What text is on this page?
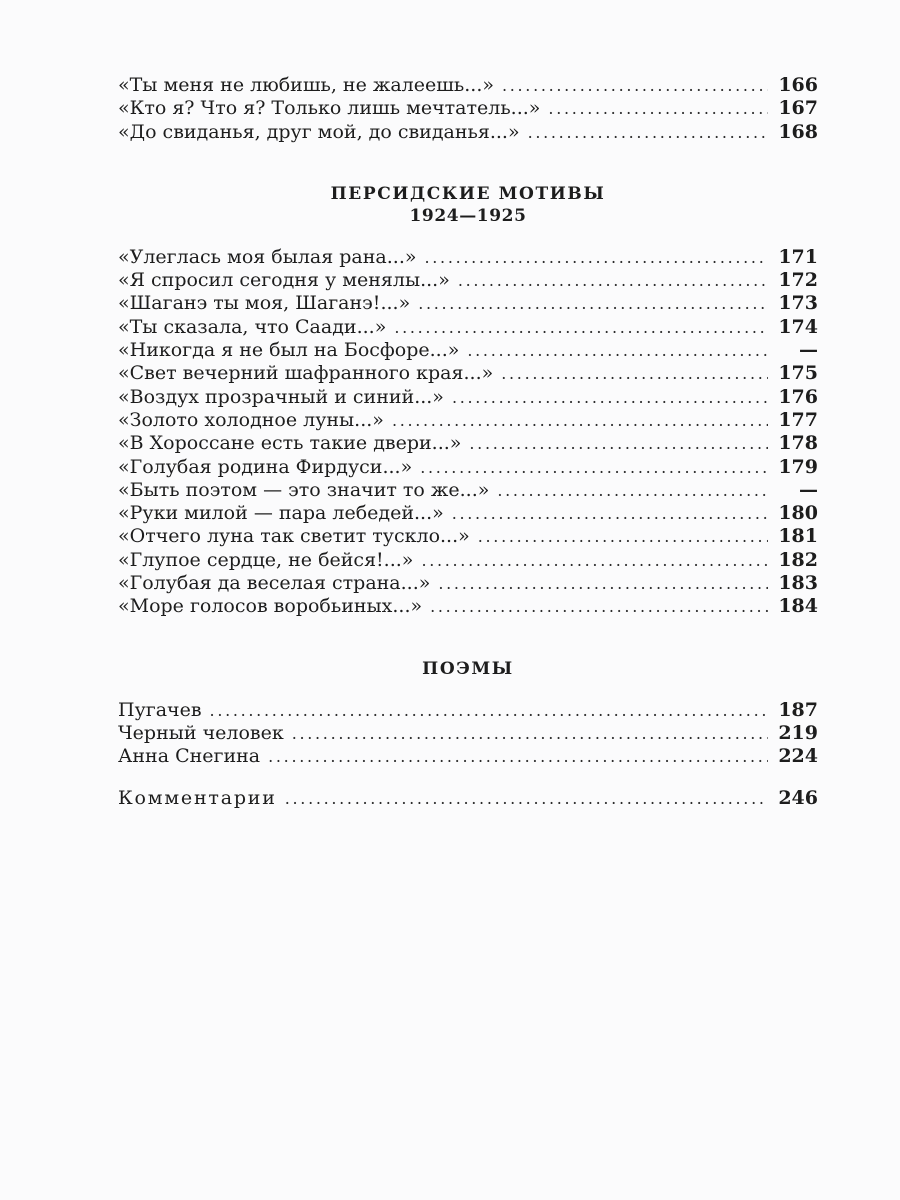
«Ты меня не любишь, не жалеешь...» . . .	166
«Кто я? Что я? Только лишь мечтатель...» . . .	167
«До свиданья, друг мой, до свиданья...» . . .	168
ПЕРСИДСКИЕ МОТИВЫ
1924—1925
«Улеглась моя былая рана...» . . .	171
«Я спросил сегодня у менялы...» . . .	172
«Шаганэ ты моя, Шаганэ!...» . . .	173
«Ты сказала, что Саади...» . . .	174
«Никогда я не был на Босфоре...» . . .	—
«Свет вечерний шафранного края...» . . .	175
«Воздух прозрачный и синий...» . . .	176
«Золото холодное луны...» . . .	177
«В Хороссане есть такие двери...» . . .	178
«Голубая родина Фирдуси...» . . .	179
«Быть поэтом — это значит то же...» . . .	—
«Руки милой — пара лебедей...» . . .	180
«Отчего луна так светит тускло...» . . .	181
«Глупое сердце, не бейся!...» . . .	182
«Голубая да веселая страна...» . . .	183
«Море голосов воробьиных...» . . .	184
ПОЭМЫ
Пугачев . . .	187
Черный человек . . .	219
Анна Снегина . . .	224
Комментарии . . .	246
